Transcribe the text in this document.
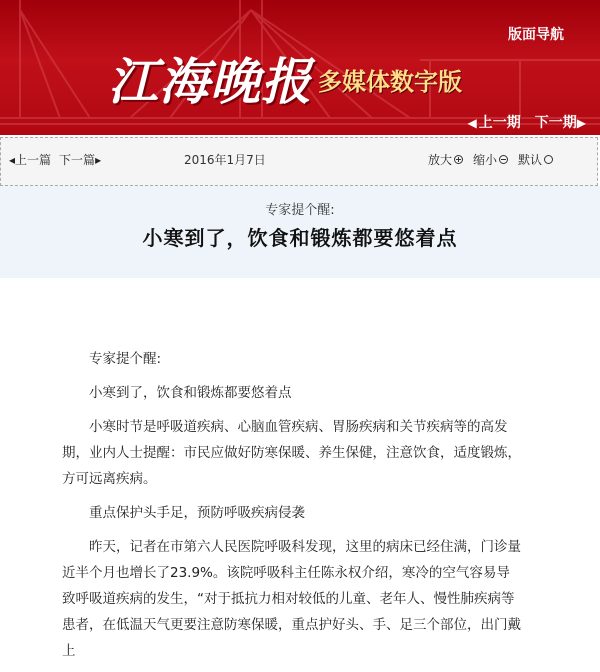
江海晚报 多媒体数字版
版面导航
◀ 上一期 下一期▶
◂上一篇 下一篇▸	2016年1月7日	放大 缩小 默认
专家提个醒:
小寒到了，饮食和锻炼都要悠着点

专家提个醒:

小寒到了，饮食和锻炼都要悠着点

小寒时节是呼吸道疾病、心脑血管疾病、胃肠疾病和关节疾病等的高发期，业内人士提醒：市民应做好防寒保暖、养生保健，注意饮食，适度锻炼，方可远离疾病。

重点保护头手足，预防呼吸疾病侵袭

昨天，记者在市第六人民医院呼吸科发现，这里的病床已经住满，门诊量近半个月也增长了23.9%。该院呼吸科主任陈永权介绍，寒冷的空气容易导致呼吸道疾病的发生，“对于抵抗力相对较低的儿童、老年人、慢性肺疾病等患者，在低温天气更要注意防寒保暖，重点护好头、手、足三个部位，出门戴上
